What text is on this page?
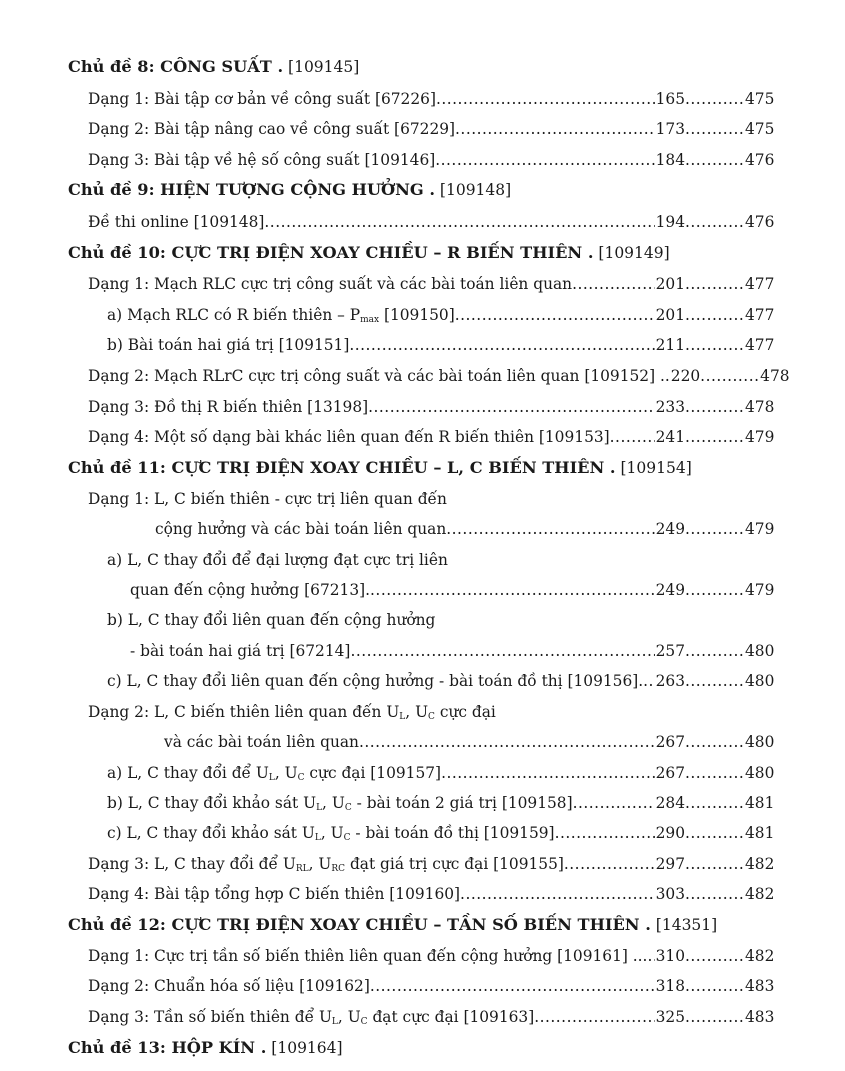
Chủ đề 8: CÔNG SUẤT . [109145]
Dạng 1: Bài tập cơ bản về công suất [67226] .....	165 .....	475
Dạng 2: Bài tập nâng cao về công suất [67229] .....	173 .....	475
Dạng 3: Bài tập về hệ số công suất [109146] .....	184 .....	476
Chủ đề 9: HIỆN TƯỢNG CỘNG HƯỞNG . [109148]
Đề thi online [109148] .....	194 .....	476
Chủ đề 10: CỰC TRỊ ĐIỆN XOAY CHIỀU – R BIẾN THIÊN . [109149]
Dạng 1: Mạch RLC cực trị công suất và các bài toán liên quan .....	201 .....	477
a) Mạch RLC có R biến thiên – $P_{max}$ [109150] .....	201 .....	477
b) Bài toán hai giá trị [109151] .....	211 .....	477
Dạng 2: Mạch RLrC cực trị công suất và các bài toán liên quan [109152] .. 220 .....	478
Dạng 3: Đồ thị R biến thiên [13198] .....	233 .....	478
Dạng 4: Một số dạng bài khác liên quan đến R biến thiên [109153] .....	241 .....	479
Chủ đề 11: CỰC TRỊ ĐIỆN XOAY CHIỀU – L, C BIẾN THIÊN . [109154]
Dạng 1: L, C biến thiên - cực trị liên quan đến
cộng hưởng và các bài toán liên quan .....	249 .....	479
a) L, C thay đổi để đại lượng đạt cực trị liên
quan đến cộng hưởng [67213]. .....	249 .....	479
b) L, C thay đổi liên quan đến cộng hưởng
- bài toán hai giá trị [67214] .....	257 .....	480
c) L, C thay đổi liên quan đến cộng hưởng - bài toán đồ thị [109156]. ..... 263 .....	480
Dạng 2: L, C biến thiên liên quan đến $U_L$, $U_C$ cực đại
và các bài toán liên quan .....	267 .....	480
a) L, C thay đổi để $U_L$, $U_C$ cực đại [109157] .....	267 .....	480
b) L, C thay đổi khảo sát $U_L$, $U_C$ - bài toán 2 giá trị [109158] .....	284 .....	481
c) L, C thay đổi khảo sát $U_L$, $U_C$ - bài toán đồ thị [109159] .....	290 .....	481
Dạng 3: L, C thay đổi để $U_{RL}$, $U_{RC}$ đạt giá trị cực đại [109155] .....	297 .....	482
Dạng 4: Bài tập tổng hợp C biến thiên [109160] .....	303 .....	482
Chủ đề 12: CỰC TRỊ ĐIỆN XOAY CHIỀU – TẦN SỐ BIẾN THIÊN . [14351]
Dạng 1: Cực trị tần số biến thiên liên quan đến cộng hưởng [109161] ... ..... 310 .....	482
Dạng 2: Chuẩn hóa số liệu [109162] .....	318 .....	483
Dạng 3: Tần số biến thiên để $U_L$, $U_C$ đạt cực đại [109163] .....	325 .....	483
Chủ đề 13: HỘP KÍN . [109164]
